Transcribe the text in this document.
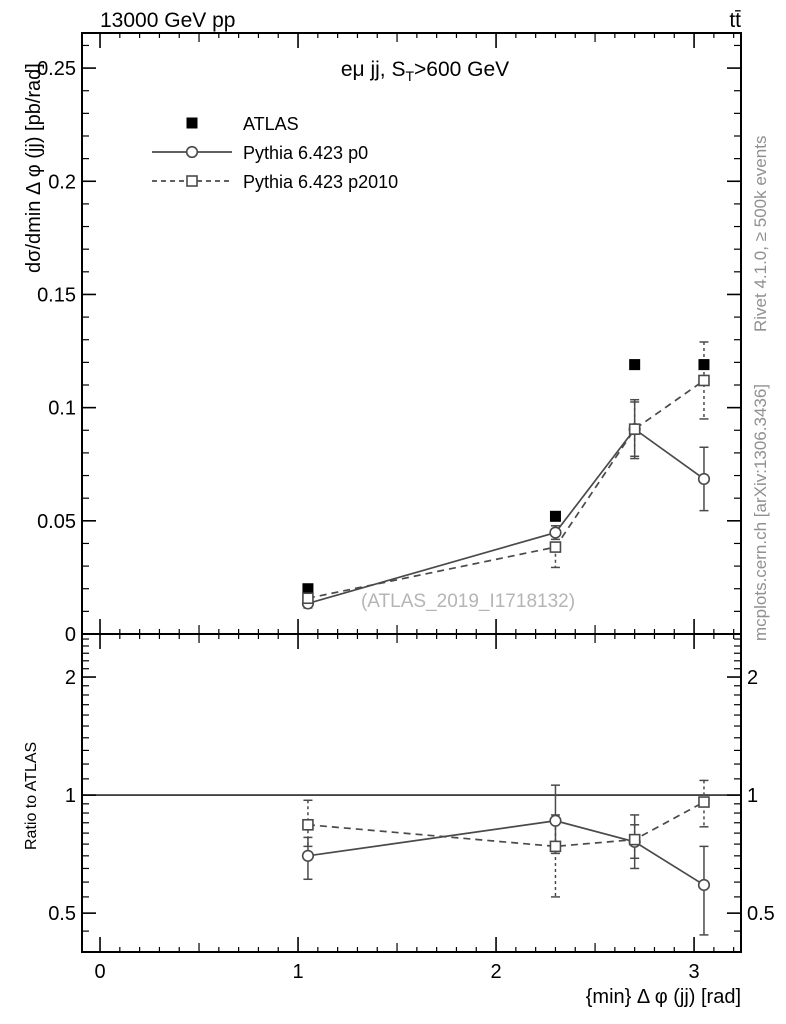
13000 GeV pp	tt̄
eμ jj, $S_T>600$ GeV
ATLAS
Pythia 6.423 p0
Pythia 6.423 p2010
dσ/dmin Δ φ (jj) [pb/rad]
Ratio to ATLAS
{min} Δ φ (jj) [rad]
Rivet 4.1.0, ≥ 500k events
mcplots.cern.ch [arXiv:1306.3436]
(ATLAS_2019_I1718132)
0	1	2	3
0
0.05
0.1
0.15
0.2
0.25
0.5	0.5
1	1
2	2
